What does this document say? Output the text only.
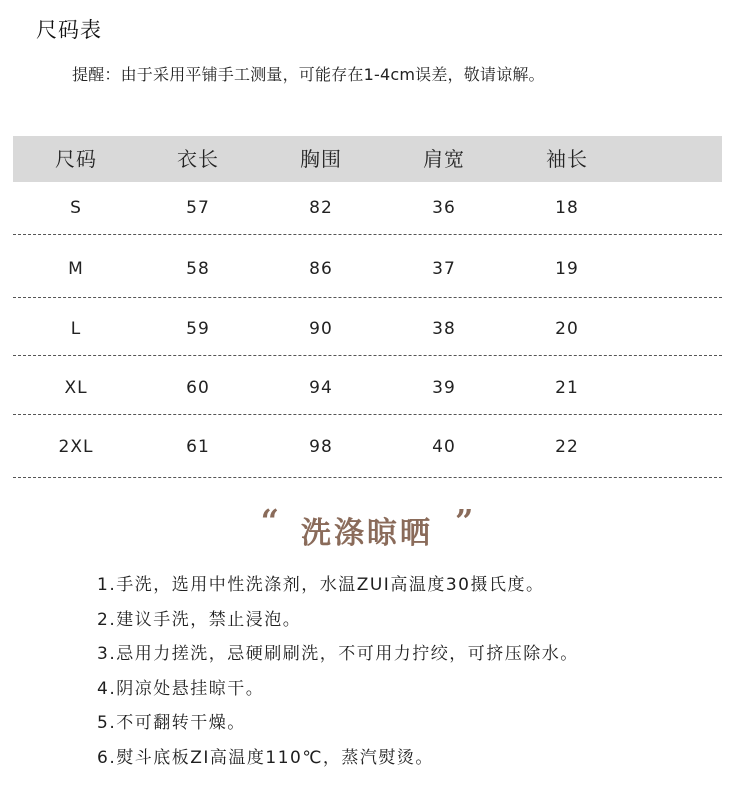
尺码表
提醒：由于采用平铺手工测量，可能存在1-4cm误差，敬请谅解。
尺码	衣长	胸围	肩宽	袖长
S	57	82	36	18
M	58	86	37	19
L	59	90	38	20
XL	60	94	39	21
2XL	61	98	40	22
“ 洗涤晾晒 ”
1.手洗，选用中性洗涤剂，水温ZUI高温度30摄氏度。
2.建议手洗，禁止浸泡。
3.忌用力搓洗，忌硬刷刷洗，不可用力拧绞，可挤压除水。
4.阴凉处悬挂晾干。
5.不可翻转干燥。
6.熨斗底板ZI高温度110℃，蒸汽熨烫。
